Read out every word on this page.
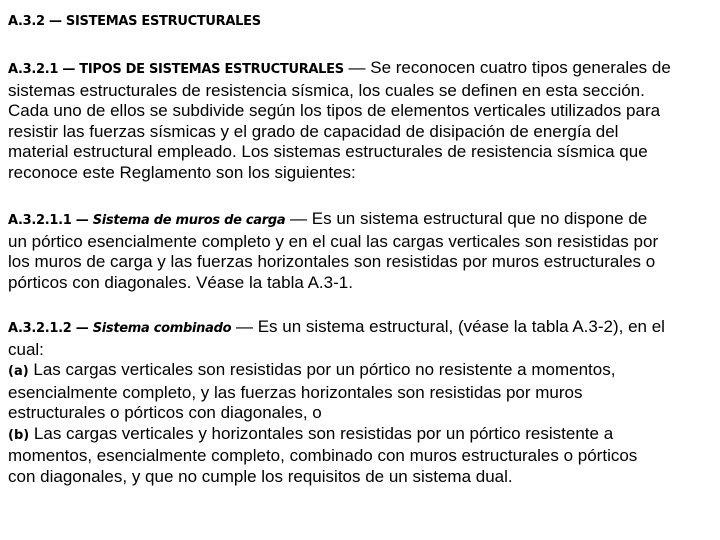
A.3.2 — SISTEMAS ESTRUCTURALES
A.3.2.1 — TIPOS DE SISTEMAS ESTRUCTURALES — Se reconocen cuatro tipos generales de
sistemas estructurales de resistencia sísmica, los cuales se definen en esta sección.
Cada uno de ellos se subdivide según los tipos de elementos verticales utilizados para
resistir las fuerzas sísmicas y el grado de capacidad de disipación de energía del
material estructural empleado. Los sistemas estructurales de resistencia sísmica que
reconoce este Reglamento son los siguientes:
A.3.2.1.1 — Sistema de muros de carga — Es un sistema estructural que no dispone de
un pórtico esencialmente completo y en el cual las cargas verticales son resistidas por
los muros de carga y las fuerzas horizontales son resistidas por muros estructurales o
pórticos con diagonales. Véase la tabla A.3-1.
A.3.2.1.2 — Sistema combinado — Es un sistema estructural, (véase la tabla A.3-2), en el
cual:
(a) Las cargas verticales son resistidas por un pórtico no resistente a momentos,
esencialmente completo, y las fuerzas horizontales son resistidas por muros
estructurales o pórticos con diagonales, o
(b) Las cargas verticales y horizontales son resistidas por un pórtico resistente a
momentos, esencialmente completo, combinado con muros estructurales o pórticos
con diagonales, y que no cumple los requisitos de un sistema dual.
